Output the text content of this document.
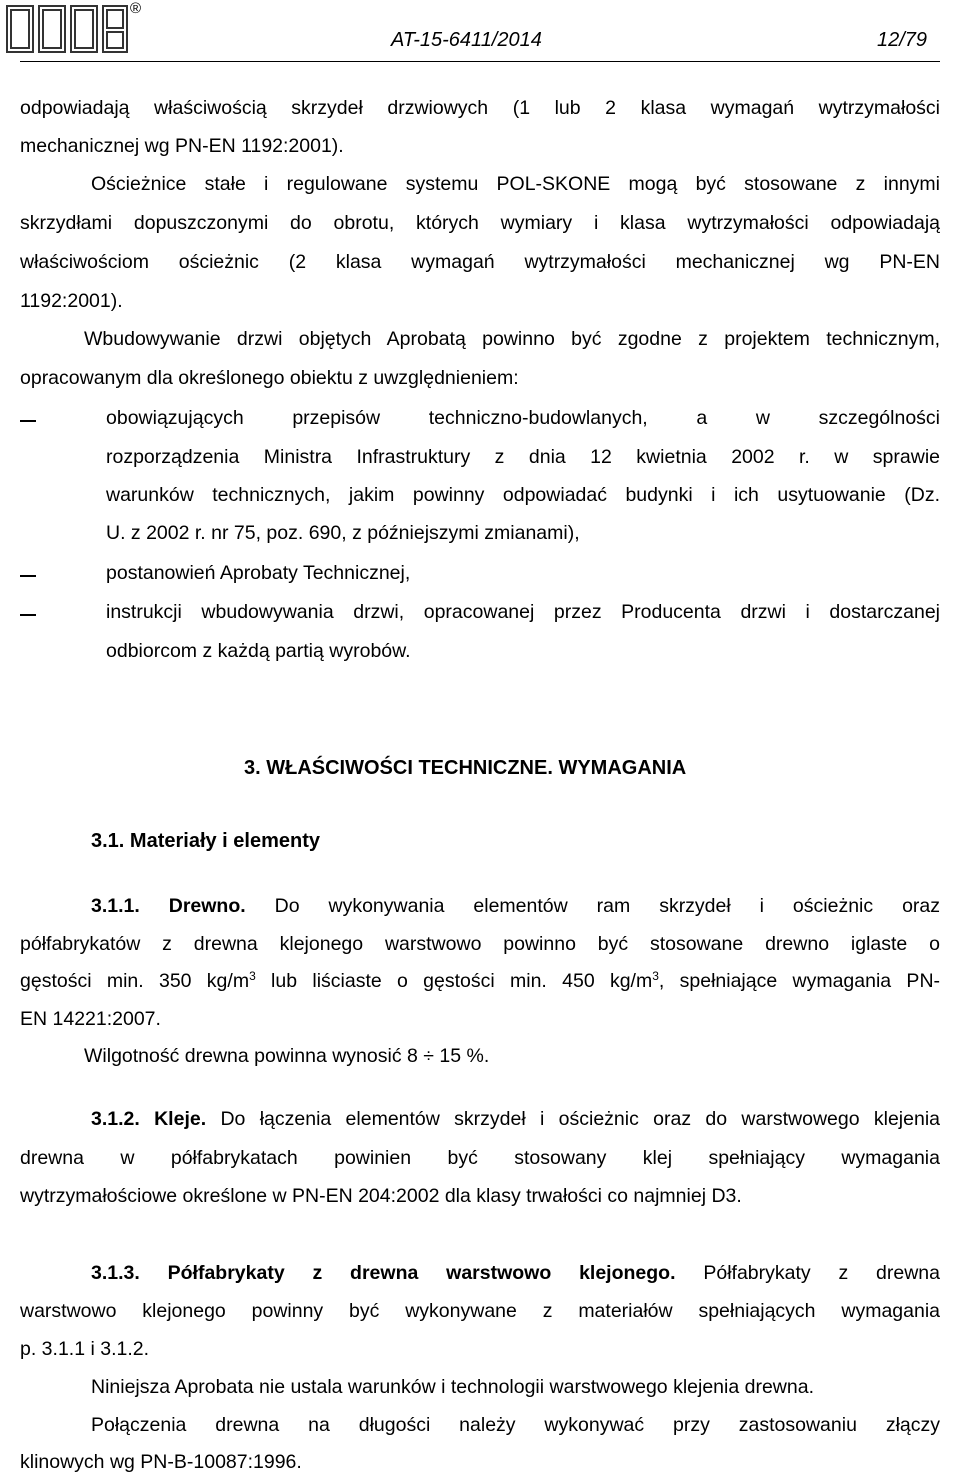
®
AT-15-6411/2014	12/79
odpowiadają właściwością skrzydeł drzwiowych (1 lub 2 klasa wymagań wytrzymałości
mechanicznej wg PN-EN 1192:2001).
Ościeżnice stałe i regulowane systemu POL-SKONE mogą być stosowane z innymi
skrzydłami dopuszczonymi do obrotu, których wymiary i klasa wytrzymałości odpowiadają
właściwościom ościeżnic (2 klasa wymagań wytrzymałości mechanicznej wg PN-EN
1192:2001).
Wbudowywanie drzwi objętych Aprobatą powinno być zgodne z projektem technicznym,
opracowanym dla określonego obiektu z uwzględnieniem:
obowiązujących przepisów techniczno-budowlanych, a w szczególności
rozporządzenia Ministra Infrastruktury z dnia 12 kwietnia 2002 r. w sprawie
warunków technicznych, jakim powinny odpowiadać budynki i ich usytuowanie (Dz.
U. z 2002 r. nr 75, poz. 690, z późniejszymi zmianami),
postanowień Aprobaty Technicznej,
instrukcji wbudowywania drzwi, opracowanej przez Producenta drzwi i dostarczanej
odbiorcom z każdą partią wyrobów.
3. WŁAŚCIWOŚCI TECHNICZNE. WYMAGANIA
3.1. Materiały i elementy
3.1.1. Drewno. Do wykonywania elementów ram skrzydeł i ościeżnic oraz
półfabrykatów z drewna klejonego warstwowo powinno być stosowane drewno iglaste o
gęstości min. 350 $kg/m^3$ lub liściaste o gęstości min. 450 $kg/m^3$, spełniające wymagania PN-
EN 14221:2007.
Wilgotność drewna powinna wynosić 8 ÷ 15 %.
3.1.2. Kleje. Do łączenia elementów skrzydeł i ościeżnic oraz do warstwowego klejenia
drewna w półfabrykatach powinien być stosowany klej spełniający wymagania
wytrzymałościowe określone w PN-EN 204:2002 dla klasy trwałości co najmniej D3.
3.1.3. Półfabrykaty z drewna warstwowo klejonego. Półfabrykaty z drewna
warstwowo klejonego powinny być wykonywane z materiałów spełniających wymagania
p. 3.1.1 i 3.1.2.
Niniejsza Aprobata nie ustala warunków i technologii warstwowego klejenia drewna.
Połączenia drewna na długości należy wykonywać przy zastosowaniu złączy
klinowych wg PN-B-10087:1996.
